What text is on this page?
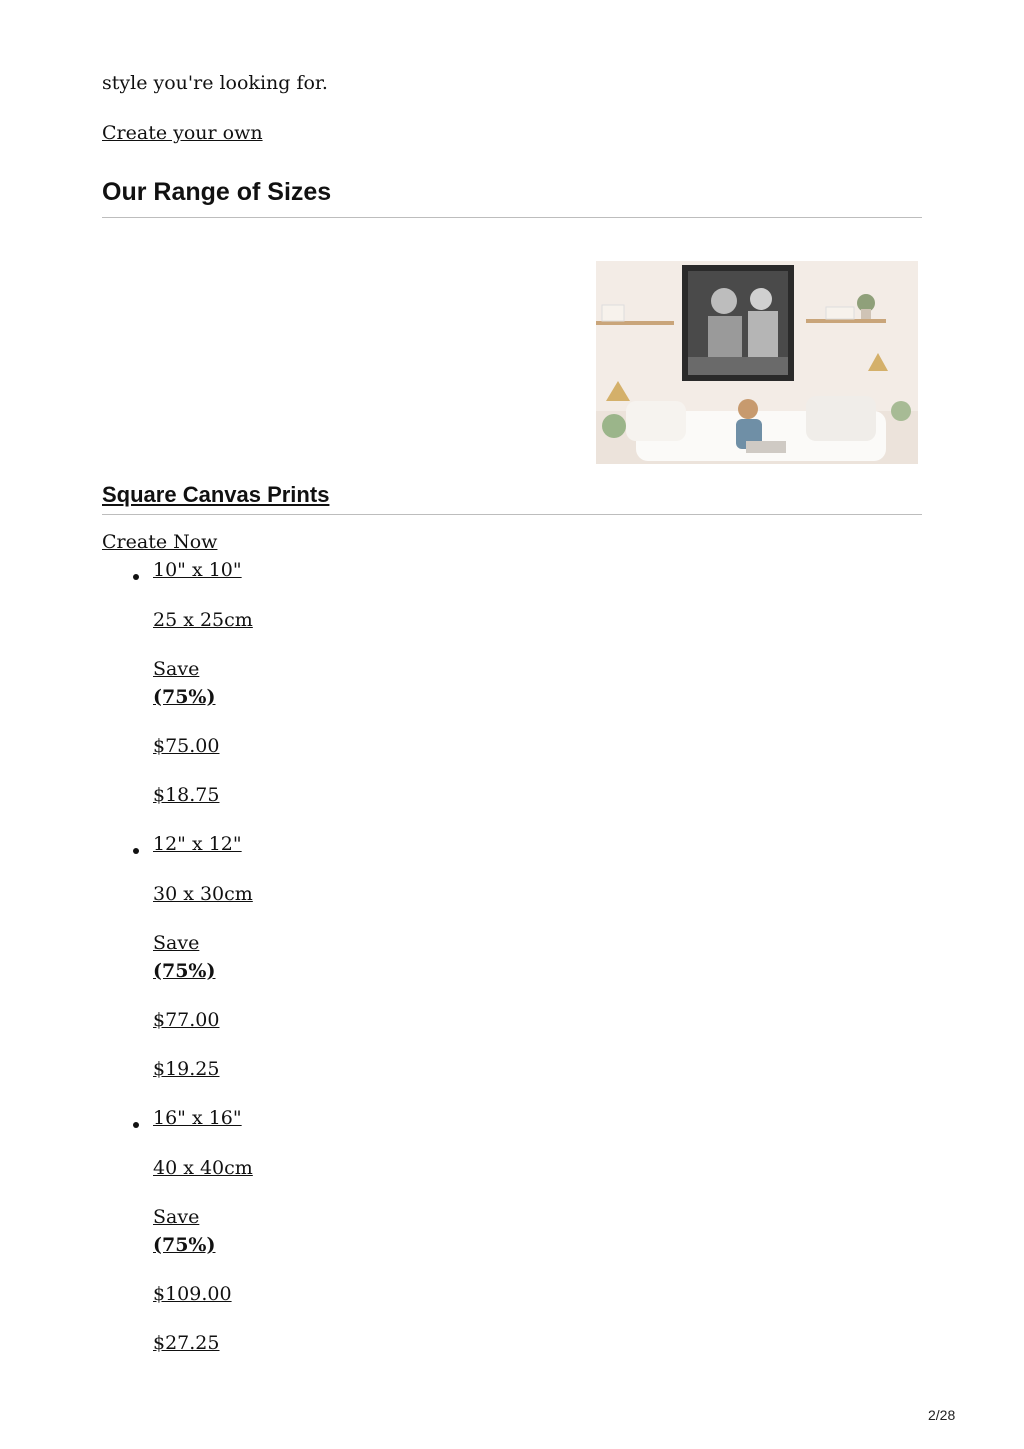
style you're looking for.

Create your own
Our Range of Sizes
Square Canvas Prints
Create Now
10" x 10"
25 x 25cm
Save
(75%)
$75.00
$18.75
12" x 12"
30 x 30cm
Save
(75%)
$77.00
$19.25
16" x 16"
40 x 40cm
Save
(75%)
$109.00
$27.25
2/28
